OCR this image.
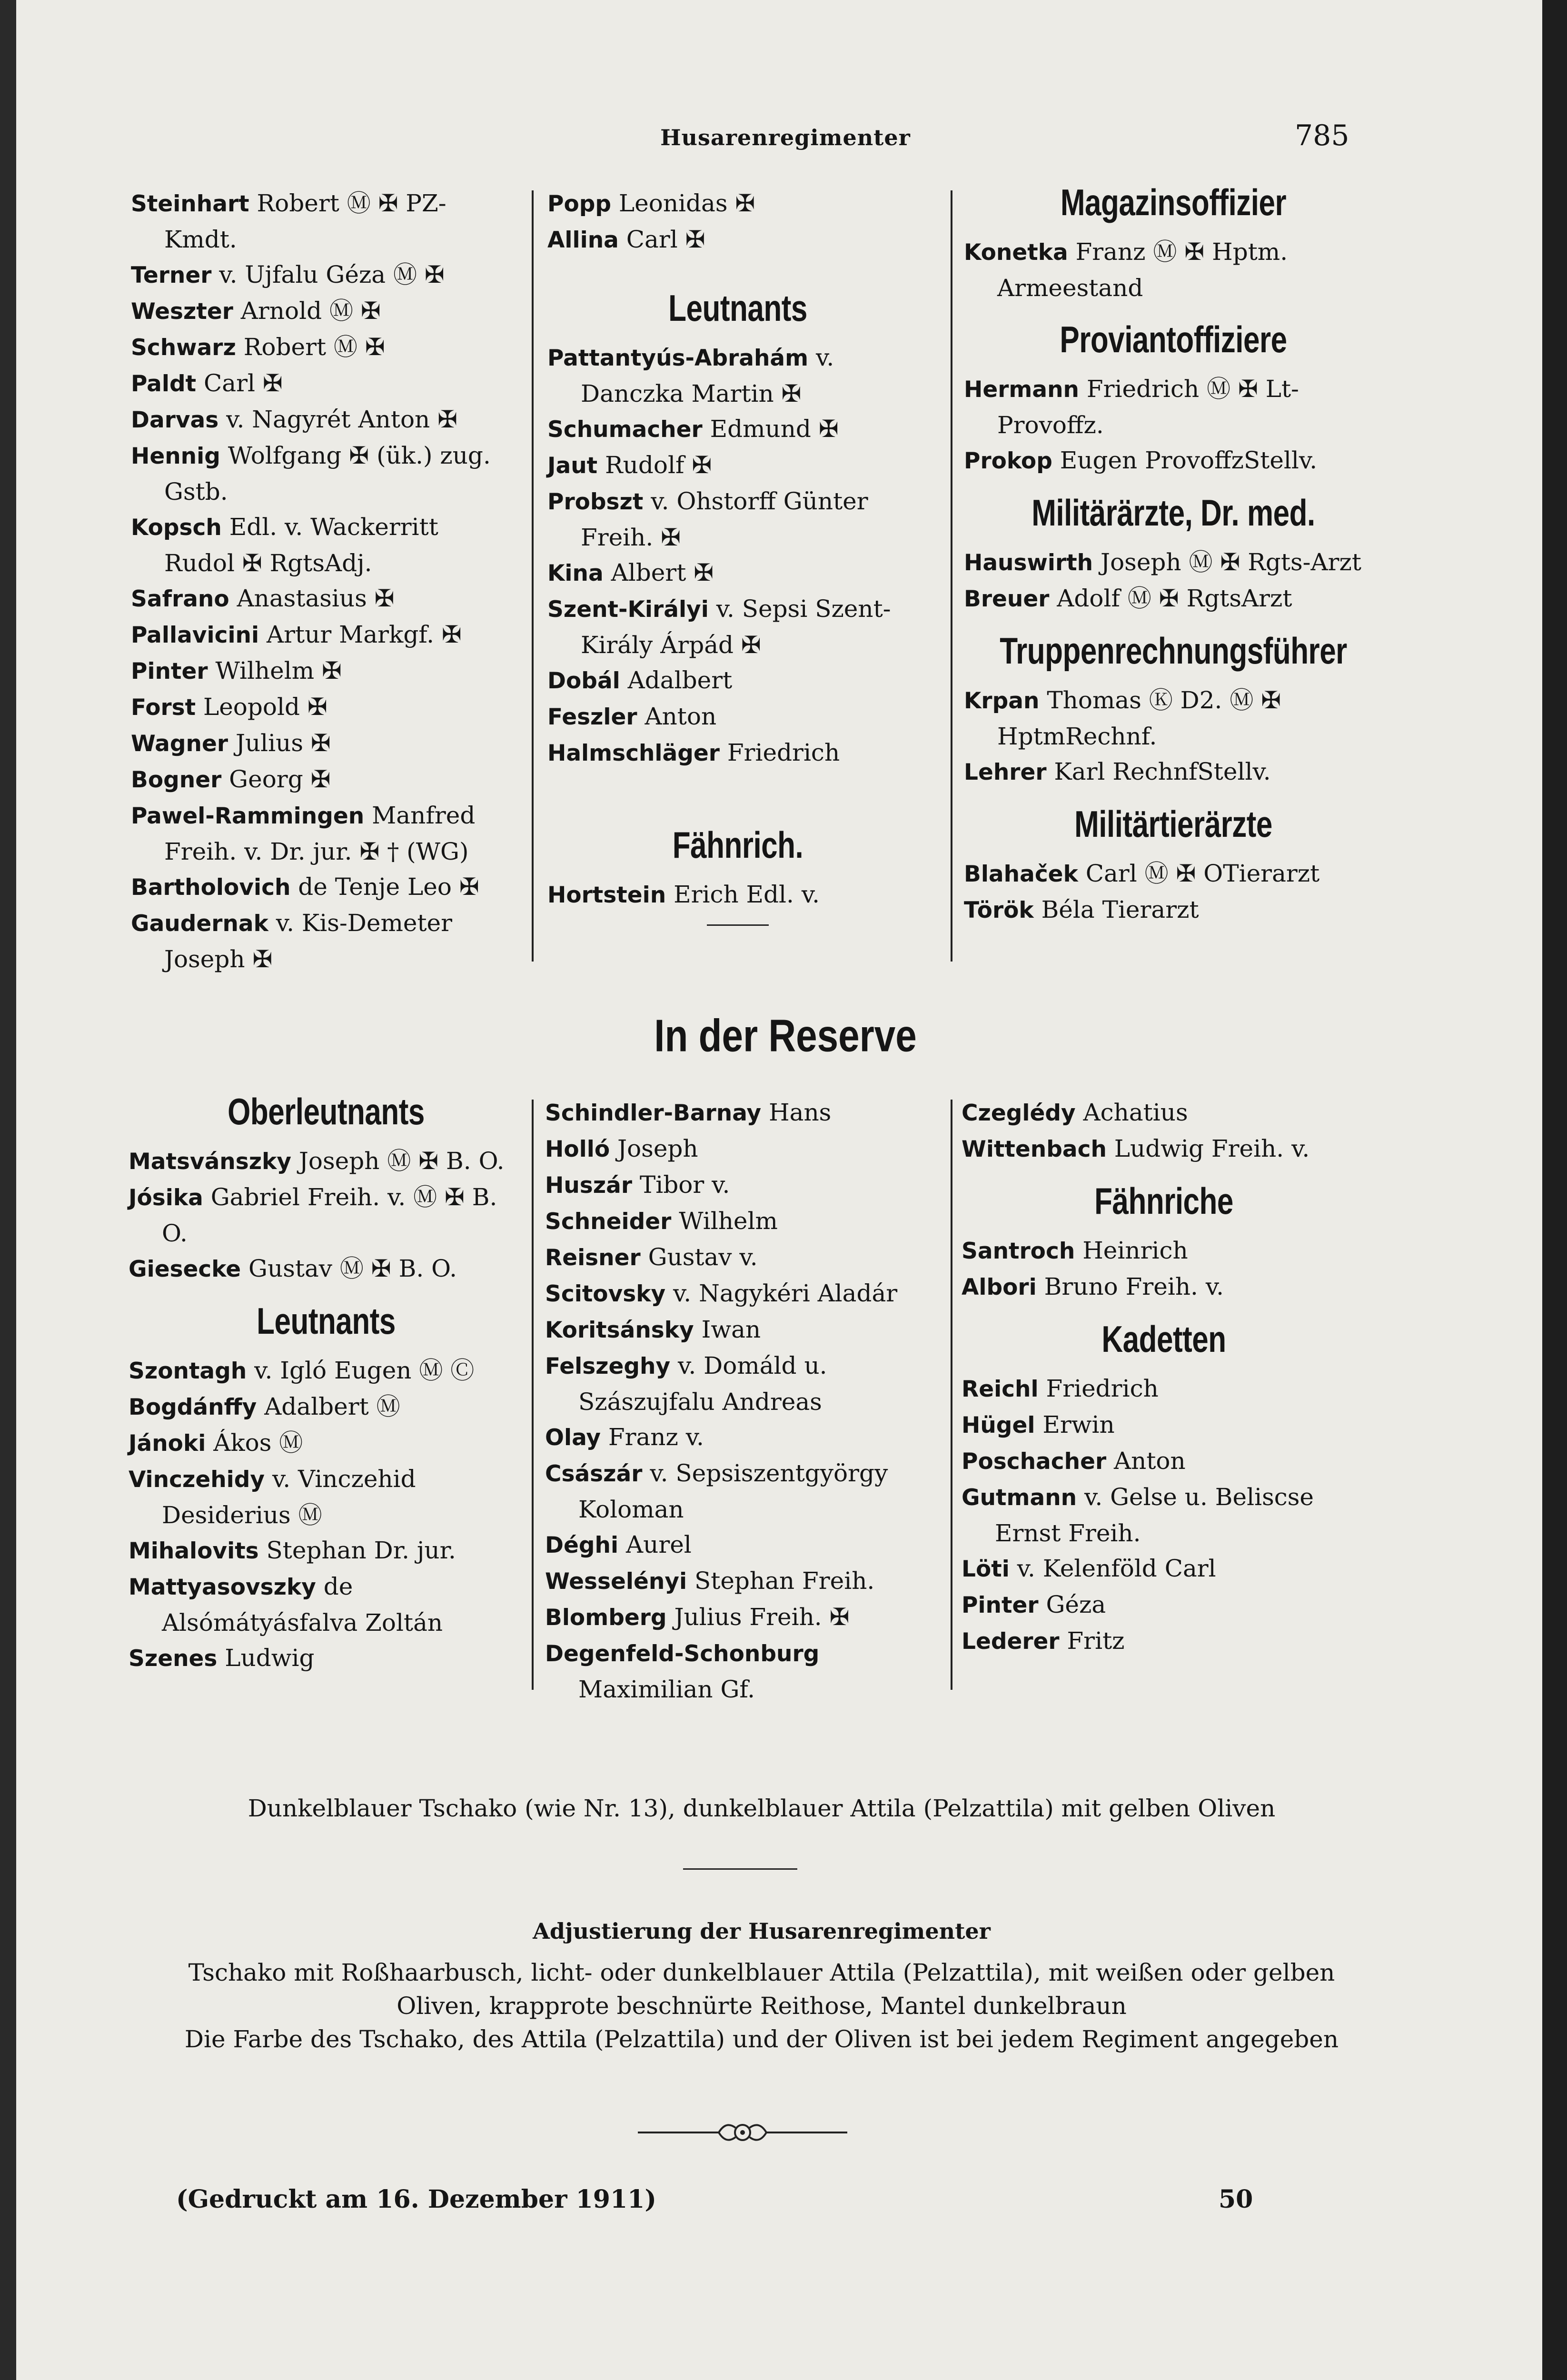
Husarenregimenter	785
Steinhart Robert Ⓜ ✠ PZ-Kmdt.
Terner v. Ujfalu Géza Ⓜ ✠
Weszter Arnold Ⓜ ✠
Schwarz Robert Ⓜ ✠
Paldt Carl ✠
Darvas v. Nagyrét Anton ✠
Hennig Wolfgang ✠ (ük.) zug. Gstb.
Kopsch Edl. v. Wackerritt Rudol ✠ RgtsAdj.
Safrano Anastasius ✠
Pallavicini Artur Markgf. ✠
Pinter Wilhelm ✠
Forst Leopold ✠
Wagner Julius ✠
Bogner Georg ✠
Pawel-Rammingen Manfred Freih. v. Dr. jur. ✠ † (WG)
Bartholovich de Tenje Leo ✠
Gaudernak v. Kis-Demeter Joseph ✠
Popp Leonidas ✠
Allina Carl ✠
Leutnants
Pattantyús-Abrahám v. Danczka Martin ✠
Schumacher Edmund ✠
Jaut Rudolf ✠
Probszt v. Ohstorff Günter Freih. ✠
Kina Albert ✠
Szent-Királyi v. Sepsi Szent-Király Árpád ✠
Dobál Adalbert
Feszler Anton
Halmschläger Friedrich
Fähnrich.
Hortstein Erich Edl. v.
Magazinsoffizier
Konetka Franz Ⓜ ✠ Hptm. Armeestand
Proviantoffiziere
Hermann Friedrich Ⓜ ✠ Lt-Provoffz.
Prokop Eugen ProvoffzStellv.
Militärärzte, Dr. med.
Hauswirth Joseph Ⓜ ✠ Rgts-Arzt
Breuer Adolf Ⓜ ✠ RgtsArzt
Truppenrechnungsführer
Krpan Thomas Ⓚ D2. Ⓜ ✠ HptmRechnf.
Lehrer Karl RechnfStellv.
Militärtierärzte
Blahaček Carl Ⓜ ✠ OTierarzt
Török Béla Tierarzt
In der Reserve
Oberleutnants
Matsvánszky Joseph Ⓜ ✠ B. O.
Jósika Gabriel Freih. v. Ⓜ ✠ B. O.
Giesecke Gustav Ⓜ ✠ B. O.
Leutnants
Szontagh v. Igló Eugen Ⓜ Ⓒ
Bogdánffy Adalbert Ⓜ
Jánoki Ákos Ⓜ
Vinczehidy v. Vinczehid Desiderius Ⓜ
Mihalovits Stephan Dr. jur.
Mattyasovszky de Alsómátyásfalva Zoltán
Szenes Ludwig
Schindler-Barnay Hans
Holló Joseph
Huszár Tibor v.
Schneider Wilhelm
Reisner Gustav v.
Scitovsky v. Nagykéri Aladár
Koritsánsky Iwan
Felszeghy v. Domáld u. Szászujfalu Andreas
Olay Franz v.
Császár v. Sepsiszentgyörgy Koloman
Déghi Aurel
Wesselényi Stephan Freih.
Blomberg Julius Freih. ✠
Degenfeld-Schonburg Maximilian Gf.
Czeglédy Achatius
Wittenbach Ludwig Freih. v.
Fähnriche
Santroch Heinrich
Albori Bruno Freih. v.
Kadetten
Reichl Friedrich
Hügel Erwin
Poschacher Anton
Gutmann v. Gelse u. Beliscse Ernst Freih.
Löti v. Kelenföld Carl
Pinter Géza
Lederer Fritz
Dunkelblauer Tschako (wie Nr. 13), dunkelblauer Attila (Pelzattila) mit gelben Oliven
Adjustierung der Husarenregimenter
Tschako mit Roßhaarbusch, licht- oder dunkelblauer Attila (Pelzattila), mit weißen oder gelben
Oliven, krapprote beschnürte Reithose, Mantel dunkelbraun
Die Farbe des Tschako, des Attila (Pelzattila) und der Oliven ist bei jedem Regiment angegeben
(Gedruckt am 16. Dezember 1911)	50
